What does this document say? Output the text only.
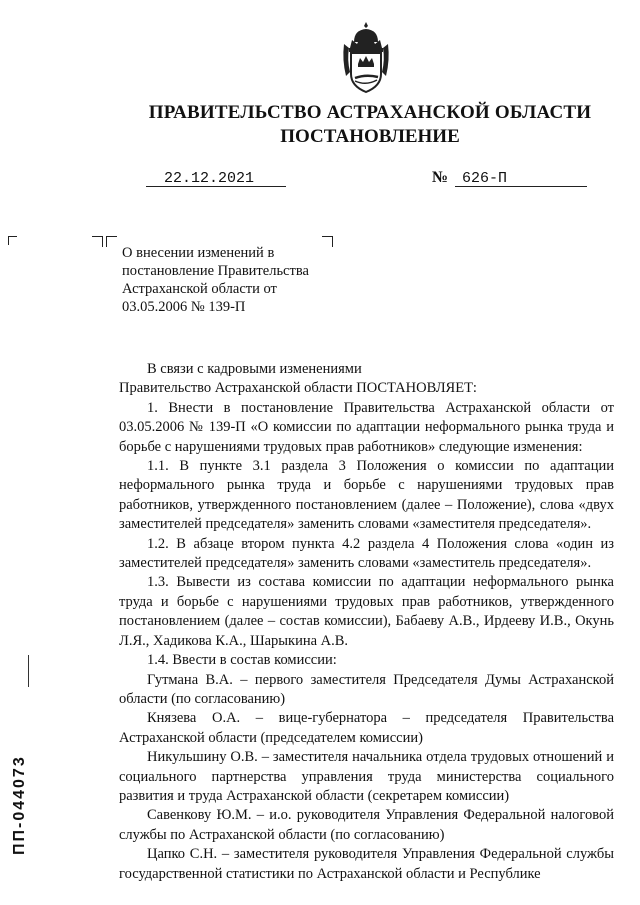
ПРАВИТЕЛЬСТВО АСТРАХАНСКОЙ ОБЛАСТИ
ПОСТАНОВЛЕНИЕ
22.12.2021	№ 626-П
О внесении изменений в постановление Правительства Астраханской области от 03.05.2006 № 139-П

В связи с кадровыми изменениями

Правительство Астраханской области ПОСТАНОВЛЯЕТ:

1. Внести в постановление Правительства Астраханской области от 03.05.2006 № 139-П «О комиссии по адаптации неформального рынка труда и борьбе с нарушениями трудовых прав работников» следующие изменения:

1.1. В пункте 3.1 раздела 3 Положения о комиссии по адаптации неформального рынка труда и борьбе с нарушениями трудовых прав работников, утвержденного постановлением (далее – Положение), слова «двух заместителей председателя» заменить словами «заместителя председателя».

1.2. В абзаце втором пункта 4.2 раздела 4 Положения слова «один из заместителей председателя» заменить словами «заместитель председателя».

1.3. Вывести из состава комиссии по адаптации неформального рынка труда и борьбе с нарушениями трудовых прав работников, утвержденного постановлением (далее – состав комиссии), Бабаеву А.В., Ирдееву И.В., Окунь Л.Я., Хадикова К.А., Шарыкина А.В.

1.4. Ввести в состав комиссии:

Гутмана В.А. – первого заместителя Председателя Думы Астраханской области (по согласованию)

Князева О.А. – вице-губернатора – председателя Правительства Астраханской области (председателем комиссии)

Никульшину О.В. – заместителя начальника отдела трудовых отношений и социального партнерства управления труда министерства социального развития и труда Астраханской области (секретарем комиссии)

Савенкову Ю.М. – и.о. руководителя Управления Федеральной налоговой службы по Астраханской области (по согласованию)

Цапко С.Н. – заместителя руководителя Управления Федеральной службы государственной статистики по Астраханской области и Республике

ПП-044073
